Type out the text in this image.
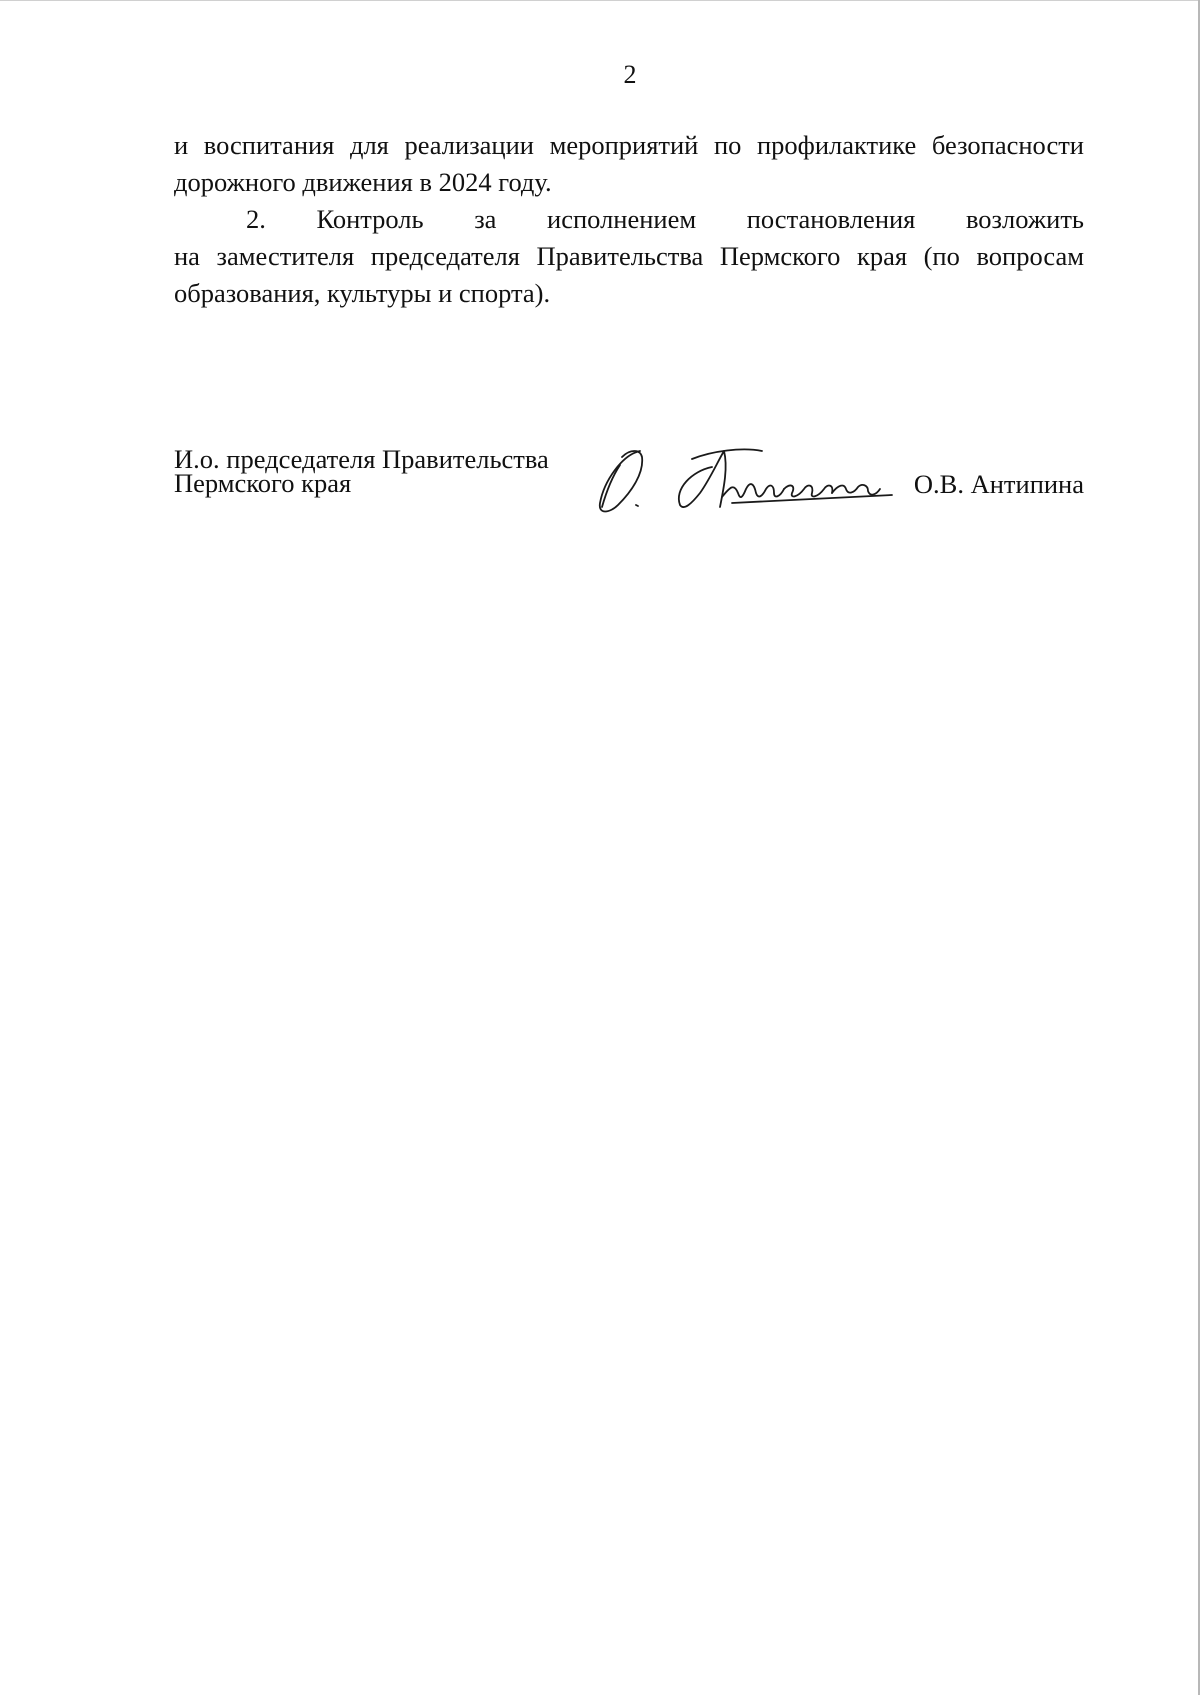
2

и воспитания для реализации мероприятий по профилактике безопасности
дорожного движения в 2024 году.

2. Контроль за исполнением постановления возложить
на заместителя председателя Правительства Пермского края (по вопросам
образования, культуры и спорта).

И.о. председателя Правительства
Пермского края	О.В. Антипина
